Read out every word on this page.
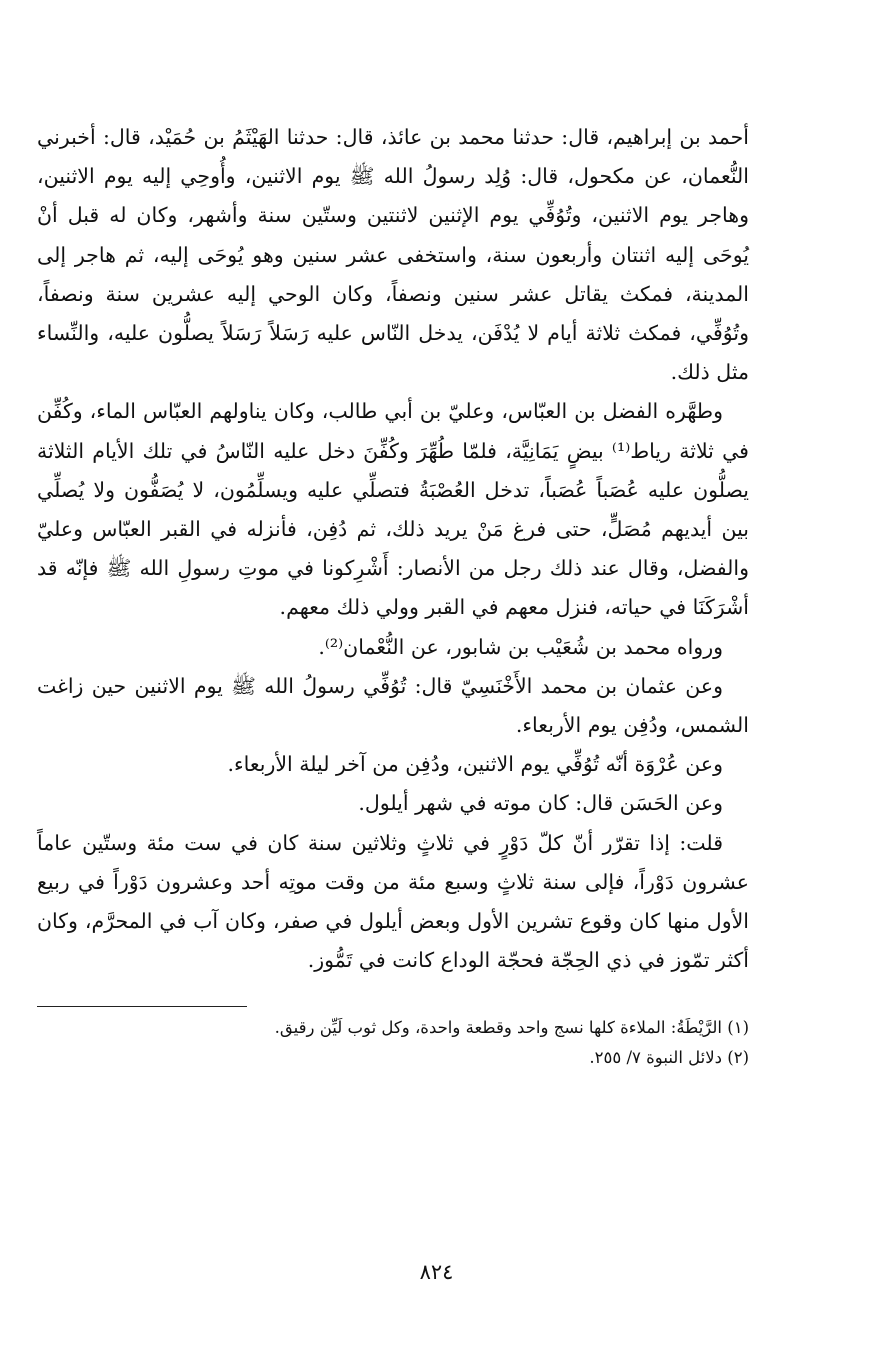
أحمد بن إبراهيم، قال: حدثنا محمد بن عائذ، قال: حدثنا الهَيْثَمُ بن حُمَيْد، قال: أخبرني النُّعمان، عن مكحول، قال: وُلِد رسولُ الله ﷺ يوم الاثنين، وأُوحِي إليه يوم الاثنين، وهاجر يوم الاثنين، وتُوُفِّي يوم الإثنين لاثنتين وستّين سنة وأشهر، وكان له قبل أنْ يُوحَى إليه اثنتان وأربعون سنة، واستخفى عشر سنين وهو يُوحَى إليه، ثم هاجر إلى المدينة، فمكث يقاتل عشر سنين ونصفاً، وكان الوحي إليه عشرين سنة ونصفاً، وتُوُفِّي، فمكث ثلاثة أيام لا يُدْفَن، يدخل النّاس عليه رَسَلاً رَسَلاً يصلُّون عليه، والنِّساء مثل ذلك.

وطهَّره الفضل بن العبّاس، وعليّ بن أبي طالب، وكان يناولهم العبّاس الماء، وكُفِّن في ثلاثة رياط⁽¹⁾ بيضٍ يَمَانِيَّة، فلمّا طُهِّرَ وكُفِّنَ دخل عليه النّاسُ في تلك الأيام الثلاثة يصلُّون عليه عُصَباً عُصَباً، تدخل العُصْبَةُ فتصلِّي عليه ويسلِّمُون، لا يُصَفُّون ولا يُصلِّي بين أيديهم مُصَلٍّ، حتى فرغ مَنْ يريد ذلك، ثم دُفِن، فأنزله في القبر العبّاس وعليّ والفضل، وقال عند ذلك رجل من الأنصار: أَشْرِكونا في موتِ رسولِ الله ﷺ فإنّه قد أشْرَكَنَا في حياته، فنزل معهم في القبر وولي ذلك معهم.

ورواه محمد بن شُعَيْب بن شابور، عن النُّعْمان⁽²⁾.

وعن عثمان بن محمد الأَخْنَسِيّ قال: تُوُفِّي رسولُ الله ﷺ يوم الاثنين حين زاغت الشمس، ودُفِن يوم الأربعاء.

وعن عُرْوَة أنّه تُوُفِّي يوم الاثنين، ودُفِن من آخر ليلة الأربعاء.

وعن الحَسَن قال: كان موته في شهر أيلول.

قلت: إذا تقرّر أنّ كلّ دَوْرٍ في ثلاثٍ وثلاثين سنة كان في ست مئة وستّين عاماً عشرون دَوْراً، فإلى سنة ثلاثٍ وسبع مئة من وقت موتِه أحد وعشرون دَوْراً في ربيع الأول منها كان وقوع تشرين الأول وبعض أيلول في صفر، وكان آب في المحرَّم، وكان أكثر تمّوز في ذي الحِجّة فحجّة الوداع كانت في تَمُّوز.

(١) الرَّيْطَةُ: الملاءة كلها نسج واحد وقطعة واحدة، وكل ثوب لَيِّن رقيق.

(٢) دلائل النبوة ٧/ ٢٥٥.

٨٢٤
